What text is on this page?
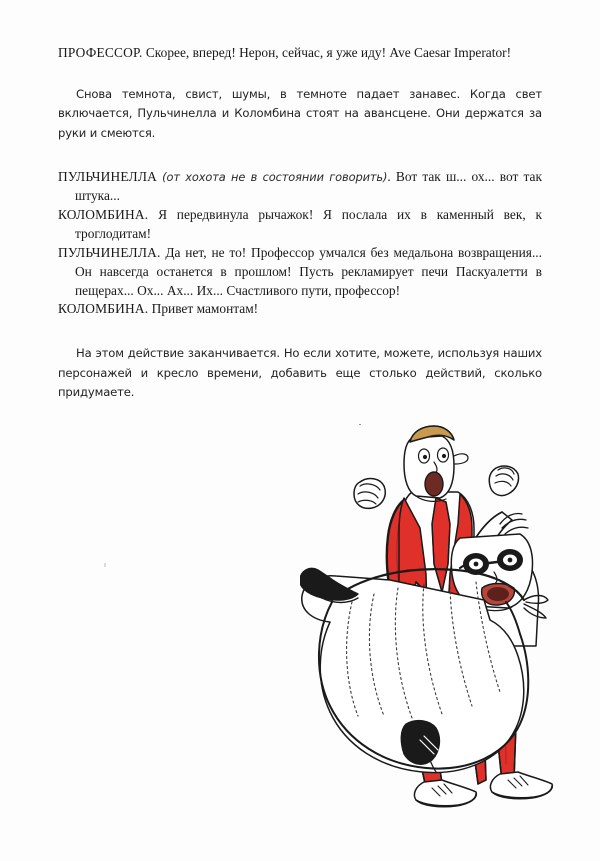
ПРОФЕССОР. Скорее, вперед! Нерон, сейчас, я уже иду! Ave Caesar Imperator!

Снова темнота, свист, шумы, в темноте падает занавес. Когда свет включается, Пульчинелла и Коломбина стоят на авансцене. Они держатся за руки и смеются.

ПУЛЬЧИНЕЛЛА (от хохота не в состоянии говорить). Вот так ш... ох... вот так штука...

КОЛОМБИНА. Я передвинула рычажок! Я послала их в каменный век, к троглодитам!

ПУЛЬЧИНЕЛЛА. Да нет, не то! Профессор умчался без медальона возвращения... Он навсегда останется в прошлом! Пусть рекламирует печи Паскуалетти в пещерах... Ох... Ах... Их... Счастливого пути, профессор!

КОЛОМБИНА. Привет мамонтам!

На этом действие заканчивается. Но если хотите, можете, используя наших персонажей и кресло времени, добавить еще столько действий, сколько придумаете.
